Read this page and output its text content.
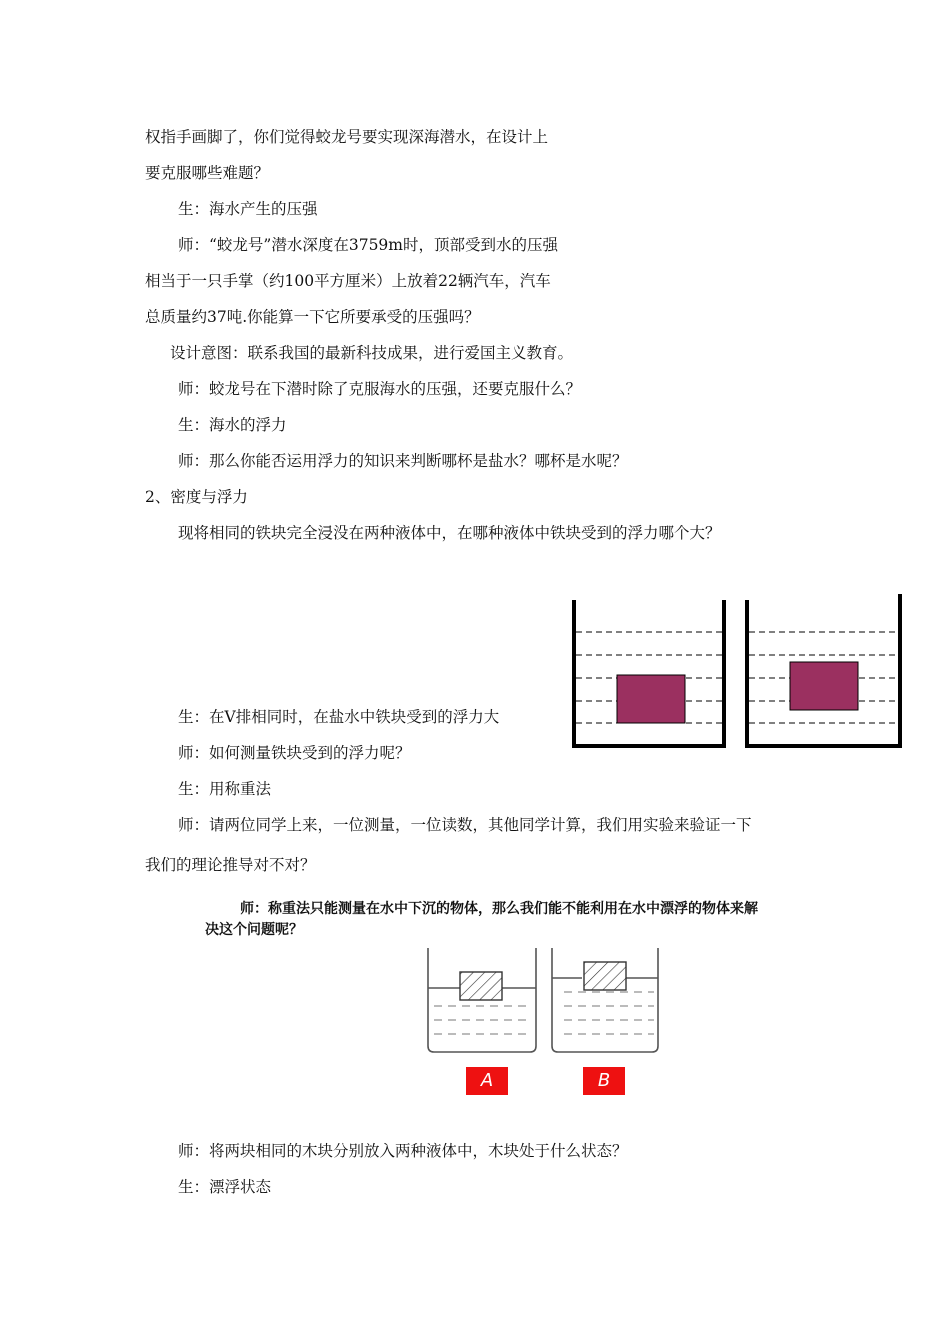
权指手画脚了，你们觉得蛟龙号要实现深海潜水，在设计上
要克服哪些难题？
生：海水产生的压强
师：“蛟龙号”潜水深度在3759m时，顶部受到水的压强
相当于一只手掌（约100平方厘米）上放着22辆汽车，汽车
总质量约37吨.你能算一下它所要承受的压强吗？
设计意图：联系我国的最新科技成果，进行爱国主义教育。
师：蛟龙号在下潜时除了克服海水的压强，还要克服什么？
生：海水的浮力
师：那么你能否运用浮力的知识来判断哪杯是盐水？哪杯是水呢？
2、密度与浮力
现将相同的铁块完全浸没在两种液体中，在哪种液体中铁块受到的浮力哪个大？
生：在V排相同时，在盐水中铁块受到的浮力大
师：如何测量铁块受到的浮力呢？
生：用称重法
师：请两位同学上来，一位测量，一位读数，其他同学计算，我们用实验来验证一下
我们的理论推导对不对？
师：称重法只能测量在水中下沉的物体，那么我们能不能利用在水中漂浮的物体来解
决这个问题呢？
A	B
师：将两块相同的木块分别放入两种液体中，木块处于什么状态？
生：漂浮状态
